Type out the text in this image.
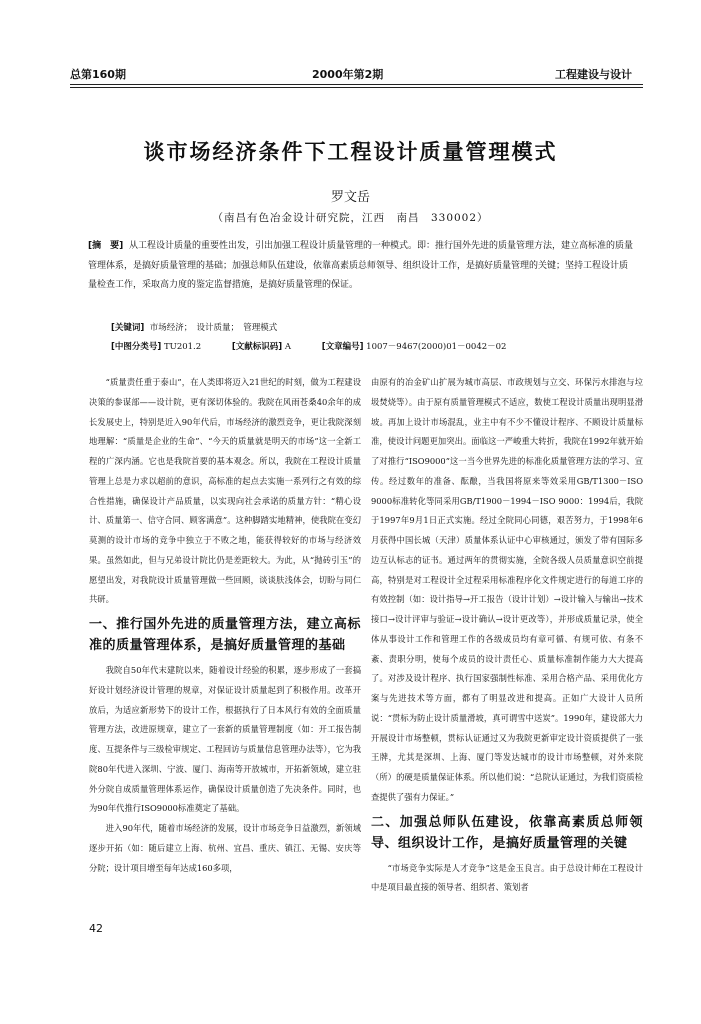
总第160期	2000年第2期	工程建设与设计
谈市场经济条件下工程设计质量管理模式
罗文岳
（南昌有色冶金设计研究院，江西　南昌　330002）
[摘　要] 从工程设计质量的重要性出发，引出加强工程设计质量管理的一种模式。即：推行国外先进的质量管理方法，建立高标准的质量管理体系，是搞好质量管理的基础；加强总师队伍建设，依靠高素质总师领导、组织设计工作，是搞好质量管理的关键；坚持工程设计质量检查工作，采取高力度的鉴定监督措施，是搞好质量管理的保证。
[关键词] 市场经济；　设计质量；　管理模式
[中图分类号] TU201.2	[文献标识码] A	[文章编号] 1007－9467(2000)01－0042－02

“质量责任重于泰山”，在人类即将迈入21世纪的时刻，做为工程建设决策的参谋部——设计院，更有深切体验的。我院在风雨苍桑40余年的成长发展史上，特别是近入90年代后，市场经济的激烈竞争，更让我院深刻地理解：“质量是企业的生命”、“今天的质量就是明天的市场”这一全新工程的广深内涵。它也是我院首要的基本观念。所以，我院在工程设计质量管理上总是力求以超前的意识，高标准的起点去实施一系列行之有效的综合性措施，确保设计产品质量，以实现向社会承诺的质量方针：“精心设计、质量第一、信守合同、顾客满意”。这种脚踏实地精神，使我院在变幻莫测的设计市场的竞争中独立于不败之地，能获得较好的市场与经济效果。虽然如此，但与兄弟设计院比仍是差距较大。为此，从“抛砖引玉”的愿望出发，对我院设计质量管理做一些回顾，谈谈肤浅体会，切盼与同仁共研。

一、推行国外先进的质量管理方法，建立高标准的质量管理体系，是搞好质量管理的基础

我院自50年代末建院以来，随着设计经验的积累，逐步形成了一套搞好设计划经济设计管理的规章，对保证设计质量起到了积极作用。改革开放后，为适应新形势下的设计工作，根据执行了日本风行有效的全面质量管理方法，改进原规章，建立了一套新的质量管理制度（如：开工报告制度、互提条件与三级检审规定、工程回访与质量信息管理办法等），它为我院80年代进入深圳、宁波、厦门、海南等开放城市，开拓新领域，建立驻外分院自成质量管理体系运作，确保设计质量创造了先决条件。同时，也为90年代推行ISO9000标准奠定了基础。

进入90年代，随着市场经济的发展，设计市场竞争日益激烈，新领域逐步开拓（如：随后建立上海、杭州、宜昌、重庆、镇江、无锡、安庆等分院；设计项目增至每年达成160多项，

由原有的冶金矿山扩展为城市高层、市政规划与立交、环保污水排泡与垃圾焚烧等）。由于原有质量管理模式不适应，数使工程设计质量出现明显滑坡。再加上设计市场混乱，业主中有不少不懂设计程序、不顾设计质量标准，使设计问题更加突出。面临这一严峻重大转折，我院在1992年就开始了对推行“ISO9000”这一当今世界先进的标准化质量管理方法的学习、宣传。经过数年的准备、酝酿，当我国将原来等效采用GB/T1300－ISO 9000标准转化等同采用GB/T1900－1994－ISO 9000：1994后，我院于1997年9月1日正式实施。经过全院同心同德，艰苦努力，于1998年6月获得中国长城（天津）质量体系认证中心审核通过，颁发了带有国际多边互认标志的证书。通过两年的贯彻实施，全院各级人员质量意识空前提高，特别是对工程设计全过程采用标准程序化文件规定进行的每道工序的有效控制（如：设计指导→开工报告（设计计划）→设计输入与输出→技术接口→设计评审与验证→设计确认→设计更改等），并形成质量记录，使全体从事设计工作和管理工作的各级成员均有章可循、有规可依、有条不紊、责职分明，使每个成员的设计责任心、质量标准制作能力大大提高了。对涉及设计程序、执行国家强制性标准、采用合格产品、采用优化方案与先进技术等方面，都有了明显改进和提高。正如广大设计人员所说：“贯标为防止设计质量滑坡，真可谓雪中送炭”。1990年，建设部大力开展设计市场整顿，贯标认证通过又为我院更新审定设计资质提供了一张王牌，尤其是深圳、上海、厦门等发达城市的设计市场整顿，对外来院（所）的硬是质量保证体系。所以他们说：“总院认证通过，为我们资质检查提供了强有力保证。”

二、加强总师队伍建设，依靠高素质总师领导、组织设计工作，是搞好质量管理的关键

“市场竞争实际是人才竞争”这是金玉良言。由于总设计师在工程设计中是项目最直接的领导者、组织者、策划者

42
